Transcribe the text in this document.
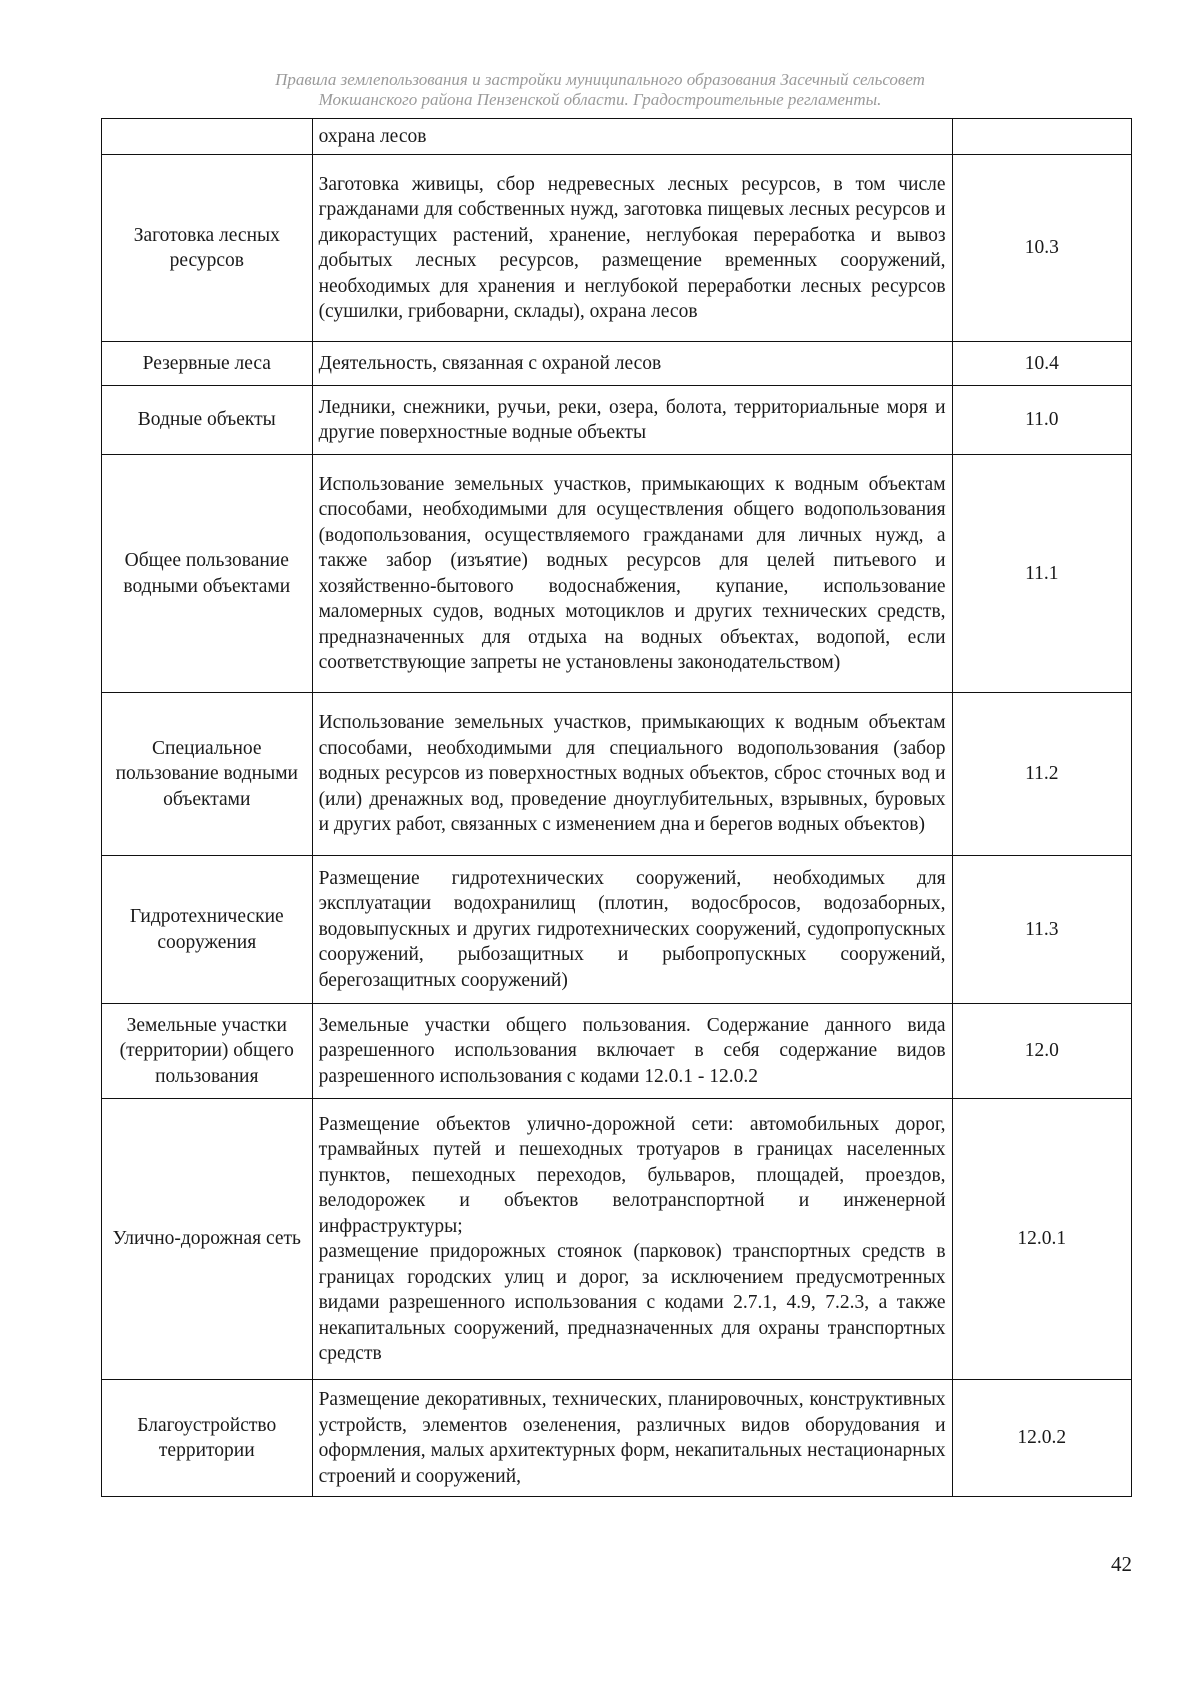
Правила землепользования и застройки муниципального образования Засечный сельсовет
Мокшанского района Пензенской области. Градостроительные регламенты.
	охрана лесов	
Заготовка лесных ресурсов	Заготовка живицы, сбор недревесных лесных ресурсов, в том числе гражданами для собственных нужд, заготовка пищевых лесных ресурсов и дикорастущих растений, хранение, неглубокая переработка и вывоз добытых лесных ресурсов, размещение временных сооружений, необходимых для хранения и неглубокой переработки лесных ресурсов (сушилки, грибоварни, склады), охрана лесов	10.3
Резервные леса	Деятельность, связанная с охраной лесов	10.4
Водные объекты	Ледники, снежники, ручьи, реки, озера, болота, территориальные моря и другие поверхностные водные объекты	11.0
Общее пользование водными объектами	Использование земельных участков, примыкающих к водным объектам способами, необходимыми для осуществления общего водопользования (водопользования, осуществляемого гражданами для личных нужд, а также забор (изъятие) водных ресурсов для целей питьевого и хозяйственно-бытового водоснабжения, купание, использование маломерных судов, водных мотоциклов и других технических средств, предназначенных для отдыха на водных объектах, водопой, если соответствующие запреты не установлены законодательством)	11.1
Специальное пользование водными объектами	Использование земельных участков, примыкающих к водным объектам способами, необходимыми для специального водопользования (забор водных ресурсов из поверхностных водных объектов, сброс сточных вод и (или) дренажных вод, проведение дноуглубительных, взрывных, буровых и других работ, связанных с изменением дна и берегов водных объектов)	11.2
Гидротехнические сооружения	Размещение гидротехнических сооружений, необходимых для эксплуатации водохранилищ (плотин, водосбросов, водозаборных, водовыпускных и других гидротехнических сооружений, судопропускных сооружений, рыбозащитных и рыбопропускных сооружений, берегозащитных сооружений)	11.3
Земельные участки (территории) общего пользования	Земельные участки общего пользования. Содержание данного вида разрешенного использования включает в себя содержание видов разрешенного использования с кодами 12.0.1 - 12.0.2	12.0
Улично-дорожная сеть	Размещение объектов улично-дорожной сети: автомобильных дорог, трамвайных путей и пешеходных тротуаров в границах населенных пунктов, пешеходных переходов, бульваров, площадей, проездов, велодорожек и объектов велотранспортной и инженерной инфраструктуры;
размещение придорожных стоянок (парковок) транспортных средств в границах городских улиц и дорог, за исключением предусмотренных видами разрешенного использования с кодами 2.7.1, 4.9, 7.2.3, а также некапитальных сооружений, предназначенных для охраны транспортных средств	12.0.1
Благоустройство территории	Размещение декоративных, технических, планировочных, конструктивных устройств, элементов озеленения, различных видов оборудования и оформления, малых архитектурных форм, некапитальных нестационарных строений и сооружений,	12.0.2
42
